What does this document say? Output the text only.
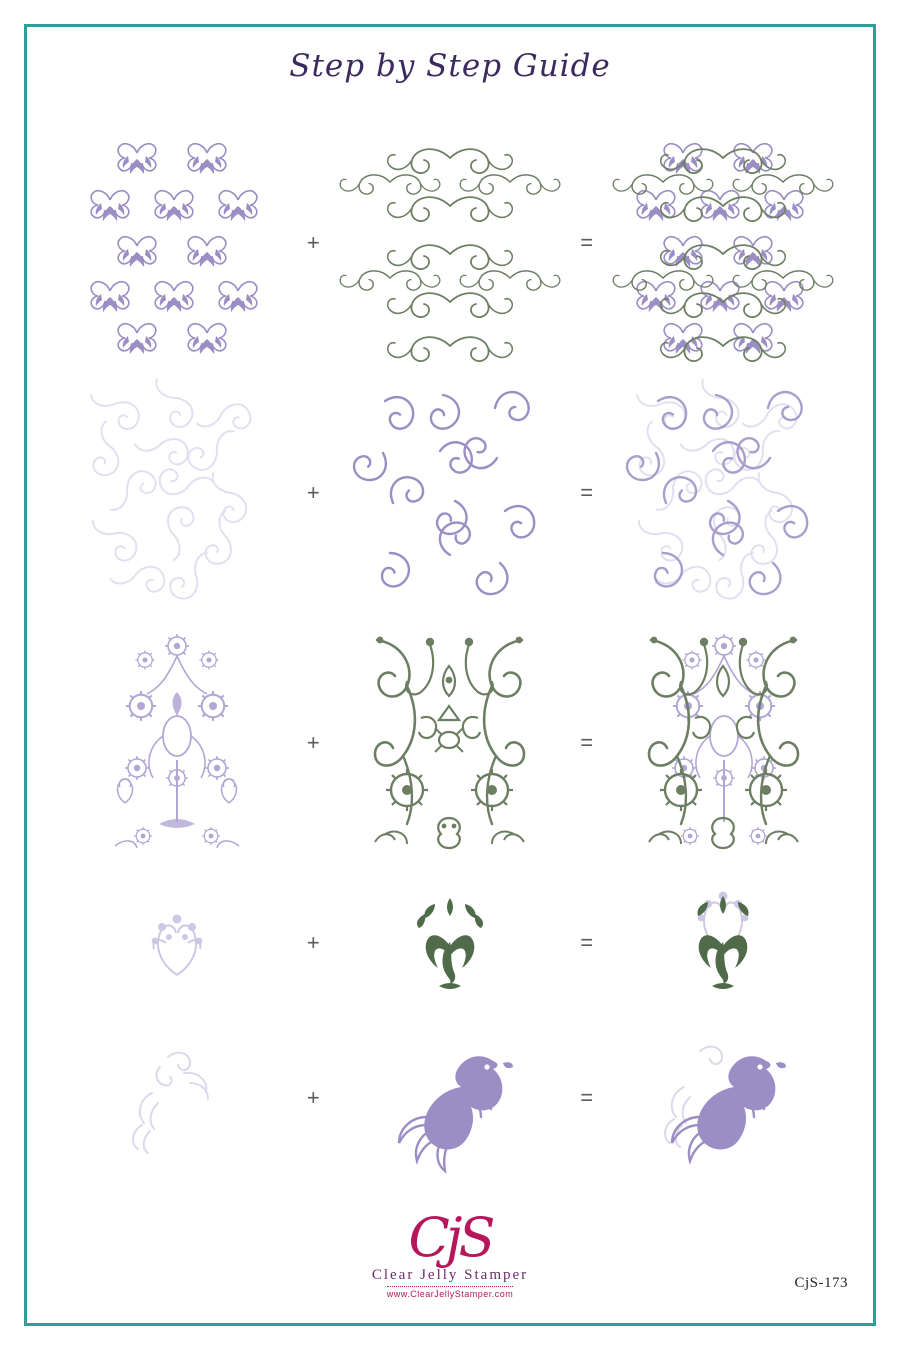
Step by Step Guide
+	=
+	=
+	=
+	=
+	=
CjS
Clear Jelly Stamper
www.ClearJellyStamper.com
CjS-173
